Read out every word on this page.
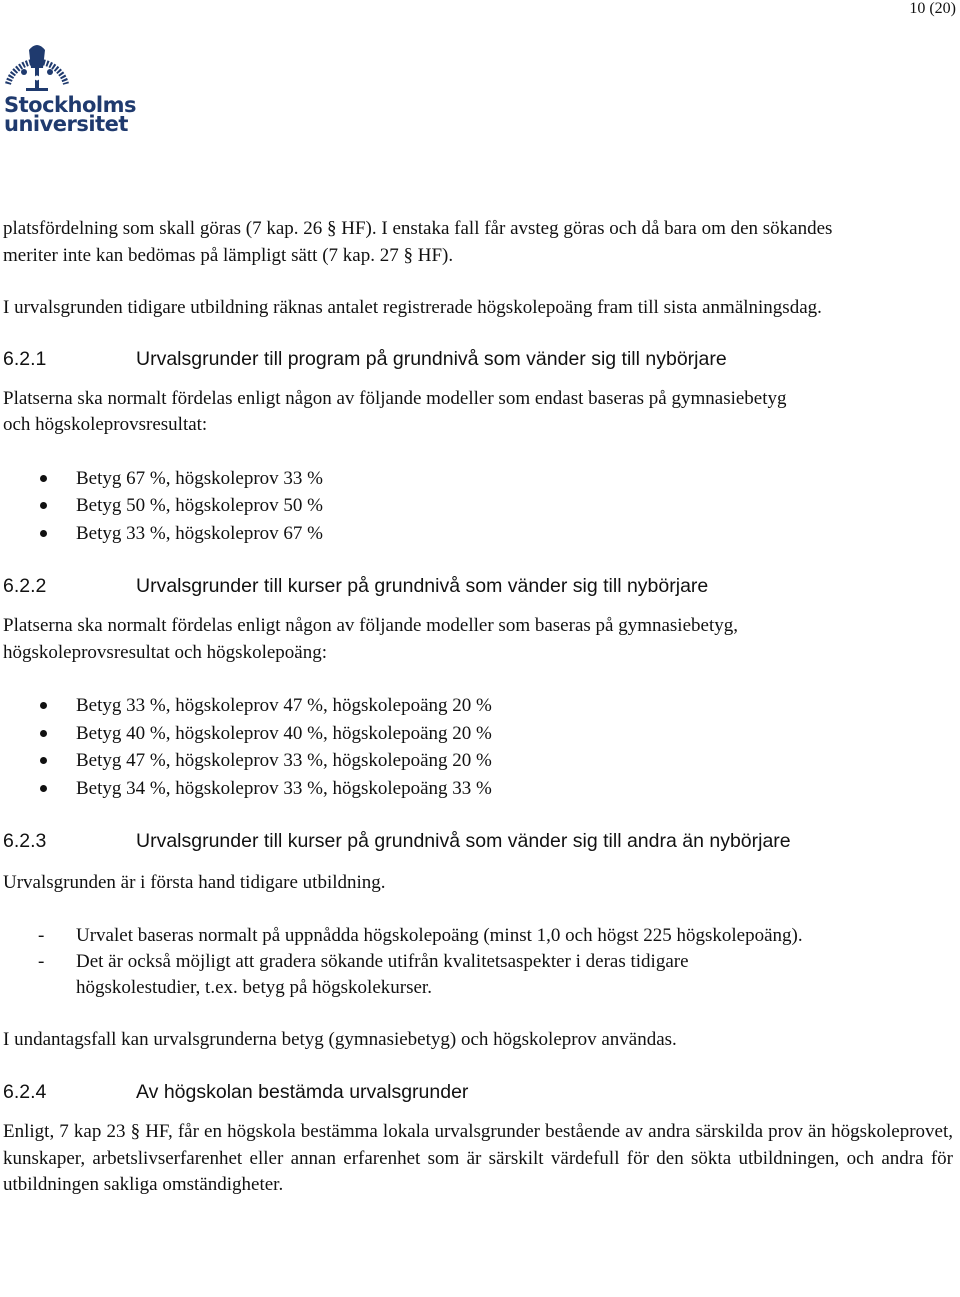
10 (20)
Stockholms
universitet

platsfördelning som skall göras (7 kap. 26 § HF). I enstaka fall får avsteg göras och då bara om den sökandes meriter inte kan bedömas på lämpligt sätt (7 kap. 27 § HF).

I urvalsgrunden tidigare utbildning räknas antalet registrerade högskolepoäng fram till sista anmälningsdag.

6.2.1	Urvalsgrunder till program på grundnivå som vänder sig till nybörjare

Platserna ska normalt fördelas enligt någon av följande modeller som endast baseras på gymnasiebetyg och högskoleprovsresultat:

Betyg 67 %, högskoleprov 33 %
Betyg 50 %, högskoleprov 50 %
Betyg 33 %, högskoleprov 67 %
6.2.2	Urvalsgrunder till kurser på grundnivå som vänder sig till nybörjare

Platserna ska normalt fördelas enligt någon av följande modeller som baseras på gymnasiebetyg, högskoleprovsresultat och högskolepoäng:

Betyg 33 %, högskoleprov 47 %, högskolepoäng 20 %
Betyg 40 %, högskoleprov 40 %, högskolepoäng 20 %
Betyg 47 %, högskoleprov 33 %, högskolepoäng 20 %
Betyg 34 %, högskoleprov 33 %, högskolepoäng 33 %
6.2.3	Urvalsgrunder till kurser på grundnivå som vänder sig till andra än nybörjare

Urvalsgrunden är i första hand tidigare utbildning.

- Urvalet baseras normalt på uppnådda högskolepoäng (minst 1,0 och högst 225 högskolepoäng).
- Det är också möjligt att gradera sökande utifrån kvalitetsaspekter i deras tidigare högskolestudier, t.ex. betyg på högskolekurser.

I undantagsfall kan urvalsgrunderna betyg (gymnasiebetyg) och högskoleprov användas.

6.2.4	Av högskolan bestämda urvalsgrunder

Enligt, 7 kap 23 § HF, får en högskola bestämma lokala urvalsgrunder bestående av andra särskilda prov än högskoleprovet, kunskaper, arbetslivserfarenhet eller annan erfarenhet som är särskilt värdefull för den sökta utbildningen, och andra för utbildningen sakliga omständigheter.
